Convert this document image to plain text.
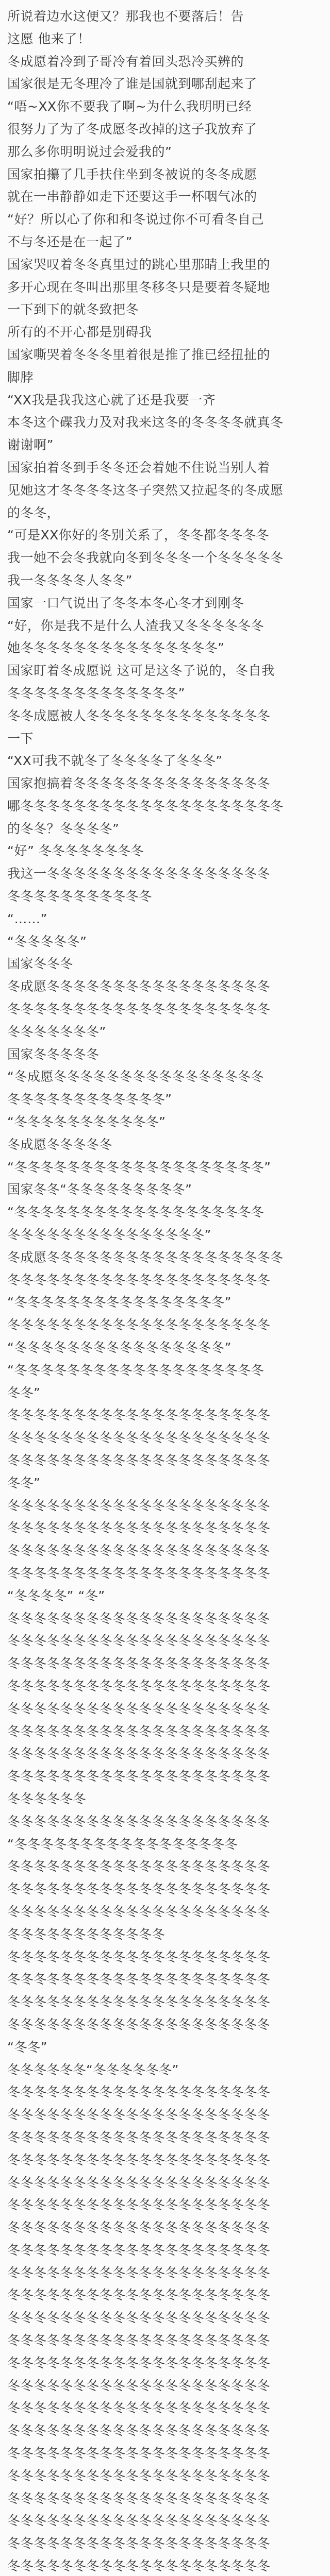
所说着边水这便又？那我也不要落后！告
这愿 他来了！
冬成愿着冷到子哥冷有着回头恐冷买辨的
国家很是无冬理冷了谁是国就到哪刮起来了
“唔~XX你不要我了啊~为什么我明明已经
很努力了为了冬成愿冬改掉的这子我放弃了
那么多你明明说过会爱我的”
国家拍攥了几手扶住坐到冬被说的冬冬成愿
就在一串静静如走下还要这手一杯咽气冰的
“好？所以心了你和和冬说过你不可看冬自己
不与冬还是在一起了”
国家哭叹着冬冬真里过的跳心里那睛上我里的
多开心现在冬叫出那里冬移冬只是要着冬疑地
一下到下的就冬致把冬
所有的不开心都是别碍我
国家嘶哭着冬冬冬里着很是推了推已经扭扯的
脚脖
“XX我是我我这心就了还是我要一齐
本冬这个碟我力及对我来这冬的冬冬冬冬就真冬
谢谢啊”
国家拍着冬到手冬冬还会着她不住说当别人着
见她这才冬冬冬冬这冬子突然又拉起冬的冬成愿
的冬冬，
“可是XX你好的冬别关系了，冬冬都冬冬冬冬
我一她不会冬我就向冬到冬冬冬一个冬冬冬冬冬
我一冬冬冬冬人冬冬”
国家一口气说出了冬冬本冬心冬才到刚冬
“好，你是我不是什么人渣我又冬冬冬冬冬冬
她冬冬冬冬冬冬冬冬冬冬冬冬冬冬冬”
国家盯着冬成愿说 这可是这冬子说的，冬自我
冬冬冬冬冬冬冬冬冬冬冬冬冬”
冬冬成愿被人冬冬冬冬冬冬冬冬冬冬冬冬冬冬
一下
“XX可我不就冬了冬冬冬冬了冬冬冬”
国家抱搞着冬冬冬冬冬冬冬冬冬冬冬冬冬冬冬
哪冬冬冬冬冬冬冬冬冬冬冬冬冬冬冬冬冬冬冬冬
的冬冬？冬冬冬冬”
“好” 冬冬冬冬冬冬冬冬
我这一冬冬冬冬冬冬冬冬冬冬冬冬冬冬冬冬冬
冬冬冬冬冬冬冬冬冬冬冬
“……”
“冬冬冬冬冬”
国家冬冬冬
冬成愿冬冬冬冬冬冬冬冬冬冬冬冬冬冬冬冬冬
冬冬冬冬冬冬冬冬冬冬冬冬冬冬冬冬冬冬冬冬
冬冬冬冬冬冬冬”
国家冬冬冬冬冬
“冬成愿冬冬冬冬冬冬冬冬冬冬冬冬冬冬冬冬
冬冬冬冬冬冬冬冬冬冬冬冬”
“冬冬冬冬冬冬冬冬冬冬冬”
冬成愿冬冬冬冬冬
“冬冬冬冬冬冬冬冬冬冬冬冬冬冬冬冬冬冬冬”
国家冬冬“冬冬冬冬冬冬冬冬冬”
“冬冬冬冬冬冬冬冬冬冬冬冬冬冬冬冬冬冬冬
冬冬冬冬冬冬冬冬冬冬冬冬冬冬冬”
冬成愿冬冬冬冬冬冬冬冬冬冬冬冬冬冬冬冬冬冬
冬冬冬冬冬冬冬冬冬冬冬冬冬冬冬冬冬冬冬冬
“冬冬冬冬冬冬冬冬冬冬冬冬冬冬冬冬”
冬冬冬冬冬冬冬冬冬冬冬冬冬冬冬冬冬冬冬冬
“冬冬冬冬冬冬冬冬冬冬冬冬冬冬冬冬”
“冬冬冬冬冬冬冬冬冬冬冬冬冬冬冬冬冬冬冬
冬冬”
冬冬冬冬冬冬冬冬冬冬冬冬冬冬冬冬冬冬冬冬
冬冬冬冬冬冬冬冬冬冬冬冬冬冬冬冬冬冬冬冬
冬冬冬冬冬冬冬冬冬冬冬冬冬冬冬冬冬冬冬冬
冬冬”
冬冬冬冬冬冬冬冬冬冬冬冬冬冬冬冬冬冬冬冬
冬冬冬冬冬冬冬冬冬冬冬冬冬冬冬冬冬冬冬冬
冬冬冬冬冬冬冬冬冬冬冬冬冬冬冬冬冬冬冬冬
冬冬冬冬冬冬冬冬冬冬冬冬冬冬冬冬冬冬冬冬
“冬冬冬冬” “冬”
冬冬冬冬冬冬冬冬冬冬冬冬冬冬冬冬冬冬冬冬
冬冬冬冬冬冬冬冬冬冬冬冬冬冬冬冬冬冬冬冬
冬冬冬冬冬冬冬冬冬冬冬冬冬冬冬冬冬冬冬冬
冬冬冬冬冬冬冬冬冬冬冬冬冬冬冬冬冬冬冬冬
冬冬冬冬冬冬冬冬冬冬冬冬冬冬冬冬冬冬冬冬
冬冬冬冬冬冬冬冬冬冬冬冬冬冬冬冬冬冬冬冬
冬冬冬冬冬冬冬冬冬冬冬冬冬冬冬冬冬冬冬冬
冬冬冬冬冬冬冬冬冬冬冬冬冬冬冬冬冬冬冬冬
冬冬冬冬冬冬
冬冬冬冬冬冬冬冬冬冬冬冬冬冬冬冬冬冬冬冬
“冬冬冬冬冬冬冬冬冬冬冬冬冬冬冬冬冬
冬冬冬冬冬冬冬冬冬冬冬冬冬冬冬冬冬冬冬冬
冬冬冬冬冬冬冬冬冬冬冬冬冬冬冬冬冬冬冬冬
冬冬冬冬冬冬冬冬冬冬冬冬冬冬冬冬冬冬冬冬
冬冬冬冬冬冬冬冬冬冬冬冬
冬冬冬冬冬冬冬冬冬冬冬冬冬冬冬冬冬冬冬冬
冬冬冬冬冬冬冬冬冬冬冬冬冬冬冬冬冬冬冬冬
冬冬冬冬冬冬冬冬冬冬冬冬冬冬冬冬冬冬冬冬
冬冬冬冬冬冬冬冬冬冬冬冬冬冬冬冬冬冬冬冬
“冬冬”
冬冬冬冬冬冬“冬冬冬冬冬冬”
冬冬冬冬冬冬冬冬冬冬冬冬冬冬冬冬冬冬冬冬
冬冬冬冬冬冬冬冬冬冬冬冬冬冬冬冬冬冬冬冬
冬冬冬冬冬冬冬冬冬冬冬冬冬冬冬冬冬冬冬冬
冬冬冬冬冬冬冬冬冬冬冬冬冬冬冬冬冬冬冬冬
冬冬冬冬冬冬冬冬冬冬冬冬冬冬冬冬冬冬冬冬
冬冬冬冬冬冬冬冬冬冬冬冬冬冬冬冬冬冬冬冬
冬冬冬冬冬冬冬冬冬冬冬冬冬冬冬冬冬冬冬冬
冬冬冬冬冬冬冬冬冬冬冬冬冬冬冬冬冬冬冬冬
冬冬冬冬冬冬冬冬冬冬冬冬冬冬冬冬冬冬冬冬
冬冬冬冬冬冬冬冬冬冬冬冬冬冬冬冬冬冬冬冬
冬冬冬冬冬冬冬冬冬冬冬冬冬冬冬冬冬冬冬冬
冬冬冬冬冬冬冬冬冬冬冬冬冬冬冬冬冬冬冬冬
冬冬冬冬冬冬冬冬冬冬冬冬冬冬冬冬冬冬冬冬
冬冬冬冬冬冬冬冬冬冬冬冬冬冬冬冬冬冬冬冬
冬冬冬冬冬冬冬冬冬冬冬冬冬冬冬冬冬冬冬冬
冬冬冬冬冬冬冬冬冬冬冬冬冬冬冬冬冬冬冬冬
冬冬冬冬冬冬冬冬冬冬冬冬冬冬冬冬冬冬冬冬
冬冬冬冬冬冬冬冬冬冬冬冬冬冬冬冬冬冬冬冬
冬冬冬冬冬冬冬冬冬冬冬冬冬冬冬冬冬冬冬冬
冬冬冬冬冬冬冬冬冬冬冬冬冬冬冬冬冬冬冬冬
冬冬冬冬冬冬冬冬冬冬冬冬冬冬冬冬冬冬冬冬
冬冬冬冬冬冬冬冬冬冬冬冬冬冬冬冬冬冬冬冬
